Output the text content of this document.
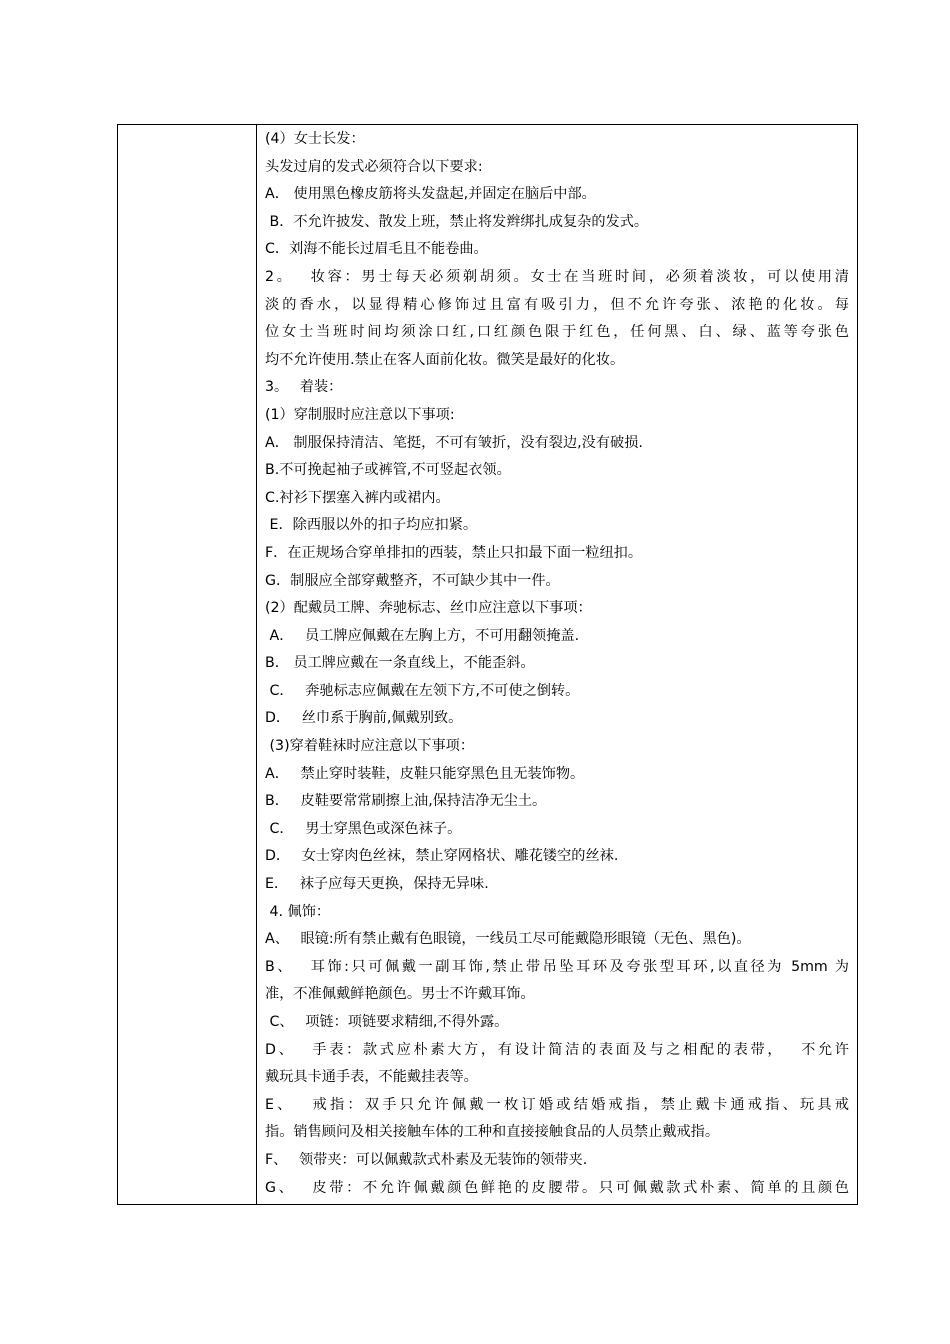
(4）女士长发：
头发过肩的发式必须符合以下要求:
A． 使用黑色橡皮筋将头发盘起,并固定在脑后中部。
B．不允许披发、散发上班，禁止将发辫绑扎成复杂的发式。
C．刘海不能长过眉毛且不能卷曲。
2。　 妆容：男士每天必须剃胡须。女士在当班时间，必须着淡妆，可以使用清
淡的香水，以显得精心修饰过且富有吸引力，但不允许夸张、浓艳的化妆。每
位女士当班时间均须涂口红,口红颜色限于红色，任何黑、白、绿、蓝等夸张色
均不允许使用.禁止在客人面前化妆。微笑是最好的化妆。
3。　 着装：
(1）穿制服时应注意以下事项:
A． 制服保持清洁、笔挺，不可有皱折，没有裂边,没有破损.
B.不可挽起袖子或裤管,不可竖起衣领。
C.衬衫下摆塞入裤内或裙内。
E．除西服以外的扣子均应扣紧。
F．在正规场合穿单排扣的西装，禁止只扣最下面一粒纽扣。
G．制服应全部穿戴整齐，不可缺少其中一件。
(2）配戴员工牌、奔驰标志、丝巾应注意以下事项：
A．　 员工牌应佩戴在左胸上方，不可用翻领掩盖.
B． 员工牌应戴在一条直线上，不能歪斜。
C．　 奔驰标志应佩戴在左领下方,不可使之倒转。
D．　 丝巾系于胸前,佩戴别致。
(3)穿着鞋袜时应注意以下事项：
A．　 禁止穿时装鞋，皮鞋只能穿黑色且无装饰物。
B．　 皮鞋要常常刷擦上油,保持洁净无尘土。
C．　 男士穿黑色或深色袜子。
D．　 女士穿肉色丝袜，禁止穿网格状、雕花镂空的丝袜.
E．　 袜子应每天更换，保持无异味.
4. 佩饰：
A、　 眼镜:所有禁止戴有色眼镜，一线员工尽可能戴隐形眼镜（无色、黑色)。
B、　 耳饰:只可佩戴一副耳饰,禁止带吊坠耳环及夸张型耳环,以直径为 5mm 为
准，不准佩戴鲜艳颜色。男士不许戴耳饰。
C、　 项链：项链要求精细,不得外露。
D、　 手表：款式应朴素大方，有设计简洁的表面及与之相配的表带，　 不允许
戴玩具卡通手表，不能戴挂表等。
E、　 戒指：双手只允许佩戴一枚订婚或结婚戒指，禁止戴卡通戒指、玩具戒
指。销售顾问及相关接触车体的工种和直接接触食品的人员禁止戴戒指。
F、　 领带夹：可以佩戴款式朴素及无装饰的领带夹.
G、　 皮带：不允许佩戴颜色鲜艳的皮腰带。只可佩戴款式朴素、简单的且颜色
